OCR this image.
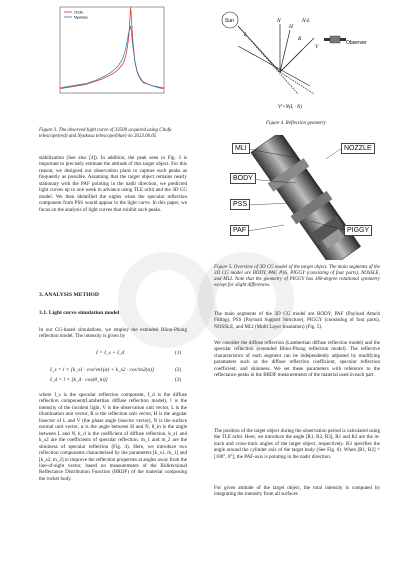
Chofu
Nyukasa
Figure 3. The observed light curve of 33500 acquired using Chofu telescope(red) and Nyukasa telescope(blue) on 2023.06.05
Sun	N
H
L
R
V
N·L
V'=N(L · N)
Observer
Figure 4. Reflection geometry
MLI	NOZZLE
BODY
PSS
PAF	PIGGY
Figure 5. Overview of 3D CG model of the target object. The main segments of the 3D CG model are BODY, PAF, PSS, PIGGY (consisting of four parts), NOSSLE, and MLI. Note that the geometry of PIGGY has 180-degree rotational symmetry except for slight differences.
stabilization (See also [4]). In addition, the peak seen in Fig. 3 is important to precisely estimate the attitude of this target object. For this reason, we designed our observation plans to capture such peaks as frequently as possible. Assuming that the target object remains nearly stationary with the PAF pointing in the nadir direction, we predicted light curves up to one week in advance using TLE orbit and the 3D CG model. We then identified the nights when the specular reflection component from PSS would appear in the light curve. In this paper, we focus on the analysis of light curves that exhibit such peaks.
3. ANALYSIS METHOD
3.1. Light curve simulation model
In our CG-based simulations, we employ the extended Blinn-Phong reflection model. The intensity is given by
I = I_s + I_d	(1)
I_s = l × [k_s1 · cos^m1(α) + k_s2 · cos^m2(α)]	(2)
I_d = l × [k_d · cos(θ_in)]	(3)
where I_s is the specular reflection component, I_d is the diffuse reflection component(Lambertian diffuse reflection model), l is the intensity of the incident light, V is the observation unit vector, L is the illumination unit vector, R is the reflection unit vector, H is the angular bisector of L and V (the phase angle bisector vector), N is the surface normal unit vector, α is the angle between H and N, θ_in is the angle between L and N, k_d is the coefficient of diffuse reflection, k_s1 and k_s2 are the coefficients of specular reflection, m_1 and m_2 are the shininess of specular reflection (Fig. 4). Here, we introduce two reflection components characterised by the parameters [k_s1, m_1] and [k_s2, m_2] to improve the reflection properties at angles away from the line-of-sight vector, based on measurements of the Bidirectional Reflectance Distribution Function (BRDF) of the material composing the rocket body.
The main segments of the 3D CG model are BODY, PAF (Payload Attach Fitting), PSS (Payload Support Structure), PIGGY (consisting of four parts), NOSSLE, and MLI (Multi Layer Insulation) (Fig. 5).
We consider the diffuse reflection (Lambertian diffuse reflection model) and the specular reflection (extended Blinn-Phong reflection model). The reflective characteristics of each segment can be independently adjusted by modifying parameters such as the diffuse reflection coefficient, specular reflection coefficient, and shininess. We set these parameters with reference to the reflectance peaks in the BRDF measurements of the material used in each part.
The position of the target object during the observation period is calculated using the TLE orbit. Here, we introduce the angle [R1, R2, R3], R1 and R2 are the in-track and cross-track angles of the target object, respectively. R3 specifies the angle around the cylinder axis of the target body (See Fig. 6). When [R1, R2] = [180°, 0°], the PAF-axis is pointing in the nadir direction.
For given attitude of the target object, the total intensity is computed by integrating the intensity from all surfaces
